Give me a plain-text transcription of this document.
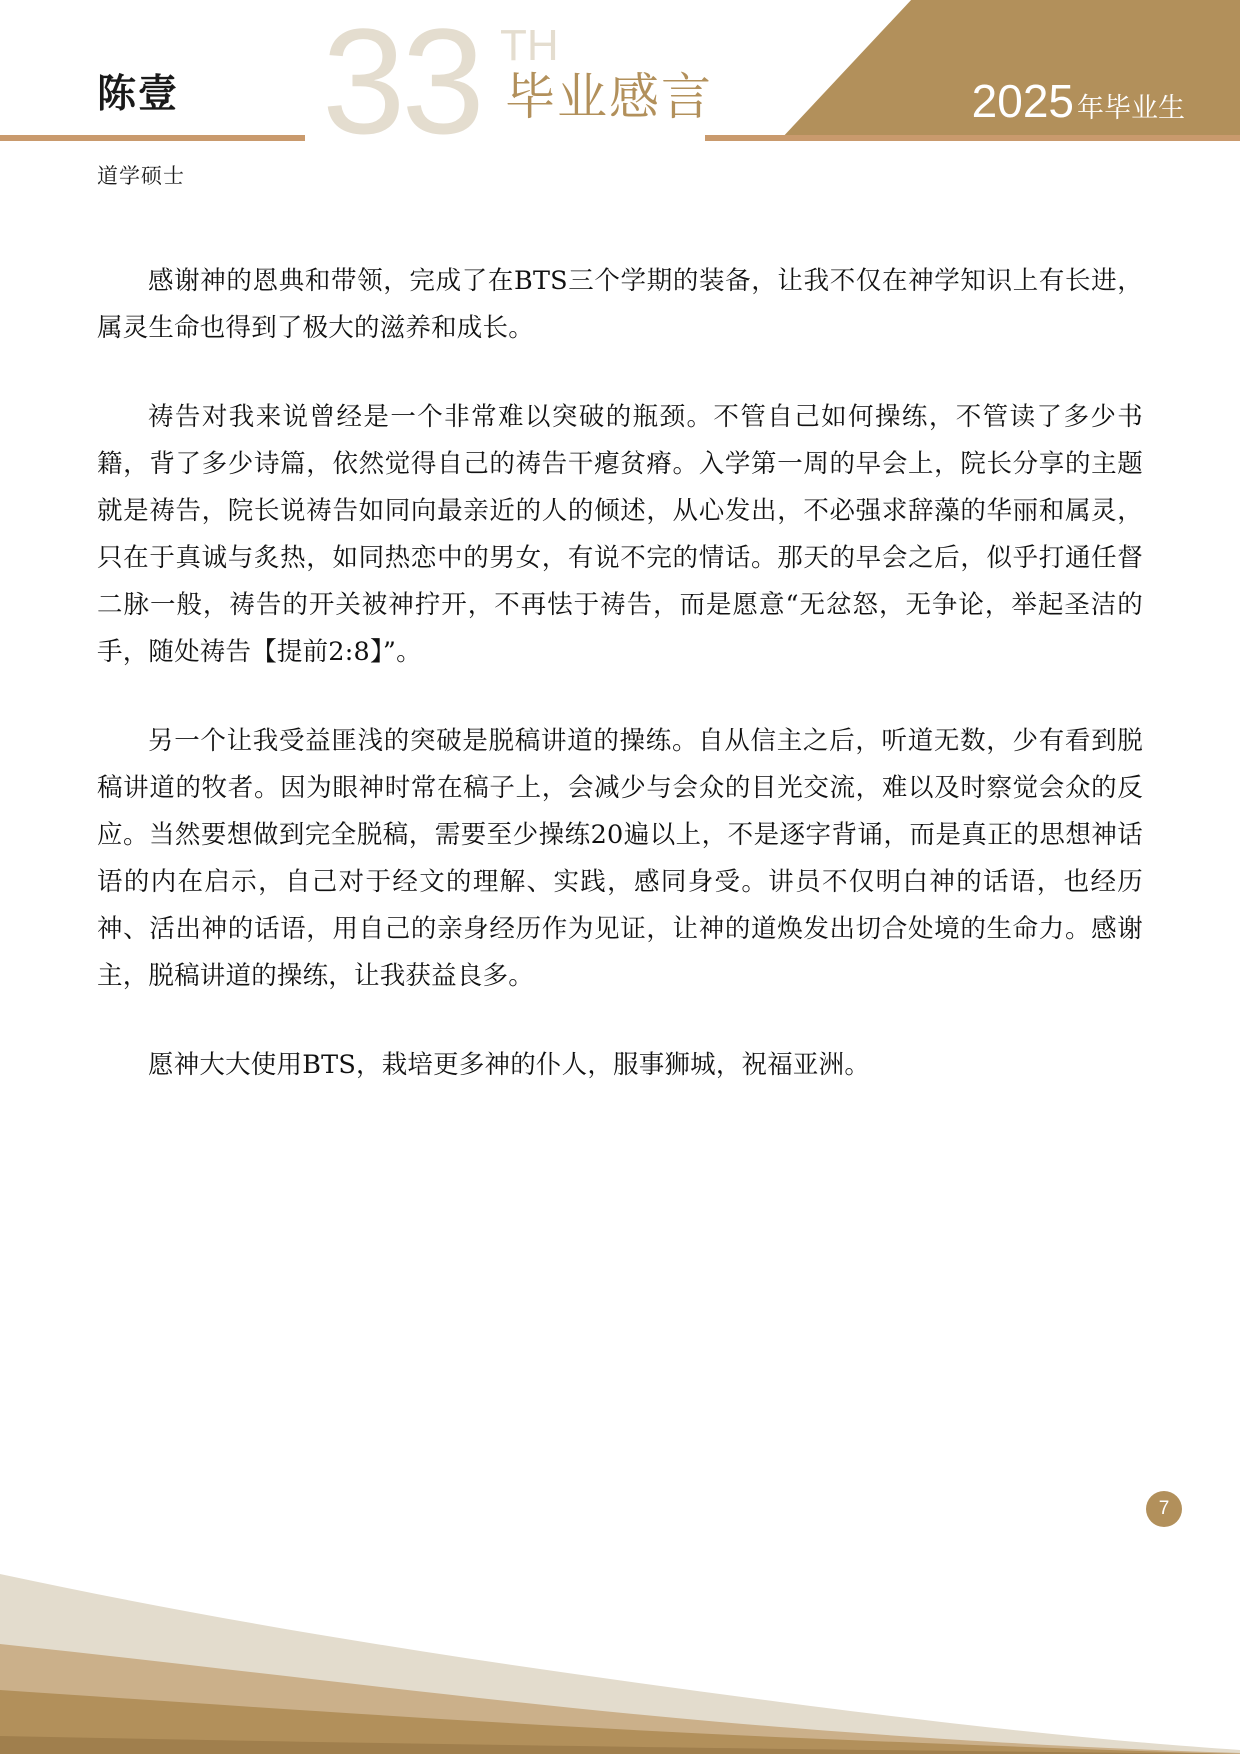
33 TH
毕业感言	2025 年毕业生
陈壹
道学硕士

感谢神的恩典和带领，完成了在BTS三个学期的装备，让我不仅在神学知识上有长进，属灵生命也得到了极大的滋养和成长。

祷告对我来说曾经是一个非常难以突破的瓶颈。不管自己如何操练，不管读了多少书籍，背了多少诗篇，依然觉得自己的祷告干瘪贫瘠。入学第一周的早会上，院长分享的主题就是祷告，院长说祷告如同向最亲近的人的倾述，从心发出，不必强求辞藻的华丽和属灵，只在于真诚与炙热，如同热恋中的男女，有说不完的情话。那天的早会之后，似乎打通任督二脉一般，祷告的开关被神拧开，不再怯于祷告，而是愿意“无忿怒，无争论，举起圣洁的手，随处祷告【提前2:8】”。

另一个让我受益匪浅的突破是脱稿讲道的操练。自从信主之后，听道无数，少有看到脱稿讲道的牧者。因为眼神时常在稿子上，会减少与会众的目光交流，难以及时察觉会众的反应。当然要想做到完全脱稿，需要至少操练20遍以上，不是逐字背诵，而是真正的思想神话语的内在启示，自己对于经文的理解、实践，感同身受。讲员不仅明白神的话语，也经历神、活出神的话语，用自己的亲身经历作为见证，让神的道焕发出切合处境的生命力。感谢主，脱稿讲道的操练，让我获益良多。

愿神大大使用BTS，栽培更多神的仆人，服事狮城，祝福亚洲。

7
